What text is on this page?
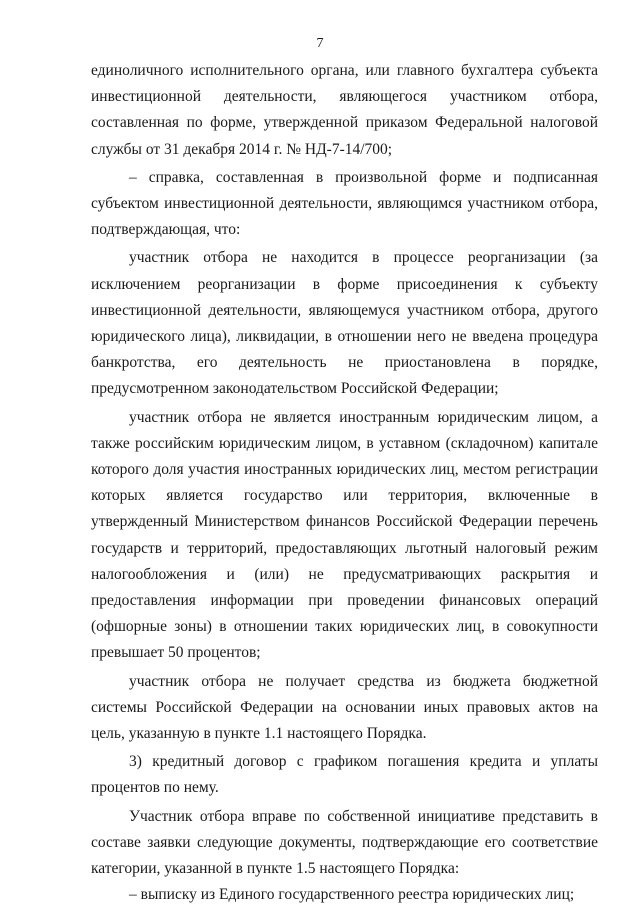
7

единоличного исполнительного органа, или главного бухгалтера субъекта инвестиционной деятельности, являющегося участником отбора, составленная по форме, утвержденной приказом Федеральной налоговой службы от 31 декабря 2014 г. № НД-7-14/700;

– справка, составленная в произвольной форме и подписанная субъектом инвестиционной деятельности, являющимся участником отбора, подтверждающая, что:

участник отбора не находится в процессе реорганизации (за исключением реорганизации в форме присоединения к субъекту инвестиционной деятельности, являющемуся участником отбора, другого юридического лица), ликвидации, в отношении него не введена процедура банкротства, его деятельность не приостановлена в порядке, предусмотренном законодательством Российской Федерации;

участник отбора не является иностранным юридическим лицом, а также российским юридическим лицом, в уставном (складочном) капитале которого доля участия иностранных юридических лиц, местом регистрации которых является государство или территория, включенные в утвержденный Министерством финансов Российской Федерации перечень государств и территорий, предоставляющих льготный налоговый режим налогообложения и (или) не предусматривающих раскрытия и предоставления информации при проведении финансовых операций (офшорные зоны) в отношении таких юридических лиц, в совокупности превышает 50 процентов;

участник отбора не получает средства из бюджета бюджетной системы Российской Федерации на основании иных правовых актов на цель, указанную в пункте 1.1 настоящего Порядка.

3) кредитный договор с графиком погашения кредита и уплаты процентов по нему.

Участник отбора вправе по собственной инициативе представить в составе заявки следующие документы, подтверждающие его соответствие категории, указанной в пункте 1.5 настоящего Порядка:

– выписку из Единого государственного реестра юридических лиц;
